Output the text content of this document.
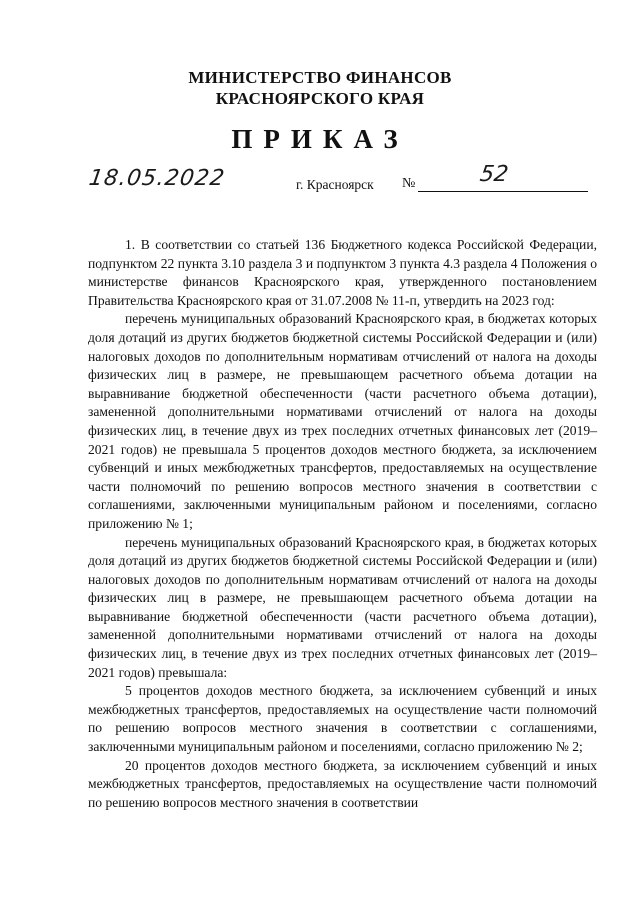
МИНИСТЕРСТВО ФИНАНСОВ
КРАСНОЯРСКОГО КРАЯ
ПРИКАЗ
18.05.2022	г. Красноярск №	52

1. В соответствии со статьей 136 Бюджетного кодекса Российской Федерации, подпунктом 22 пункта 3.10 раздела 3 и подпунктом 3 пункта 4.3 раздела 4 Положения о министерстве финансов Красноярского края, утвержденного постановлением Правительства Красноярского края от 31.07.2008 № 11-п, утвердить на 2023 год:

перечень муниципальных образований Красноярского края, в бюджетах которых доля дотаций из других бюджетов бюджетной системы Российской Федерации и (или) налоговых доходов по дополнительным нормативам отчислений от налога на доходы физических лиц в размере, не превышающем расчетного объема дотации на выравнивание бюджетной обеспеченности (части расчетного объема дотации), замененной дополнительными нормативами отчислений от налога на доходы физических лиц, в течение двух из трех последних отчетных финансовых лет (2019–2021 годов) не превышала 5 процентов доходов местного бюджета, за исключением субвенций и иных межбюджетных трансфертов, предоставляемых на осуществление части полномочий по решению вопросов местного значения в соответствии с соглашениями, заключенными муниципальным районом и поселениями, согласно приложению № 1;

перечень муниципальных образований Красноярского края, в бюджетах которых доля дотаций из других бюджетов бюджетной системы Российской Федерации и (или) налоговых доходов по дополнительным нормативам отчислений от налога на доходы физических лиц в размере, не превышающем расчетного объема дотации на выравнивание бюджетной обеспеченности (части расчетного объема дотации), замененной дополнительными нормативами отчислений от налога на доходы физических лиц, в течение двух из трех последних отчетных финансовых лет (2019–2021 годов) превышала:

5 процентов доходов местного бюджета, за исключением субвенций и иных межбюджетных трансфертов, предоставляемых на осуществление части полномочий по решению вопросов местного значения в соответствии с соглашениями, заключенными муниципальным районом и поселениями, согласно приложению № 2;

20 процентов доходов местного бюджета, за исключением субвенций и иных межбюджетных трансфертов, предоставляемых на осуществление части полномочий по решению вопросов местного значения в соответствии
